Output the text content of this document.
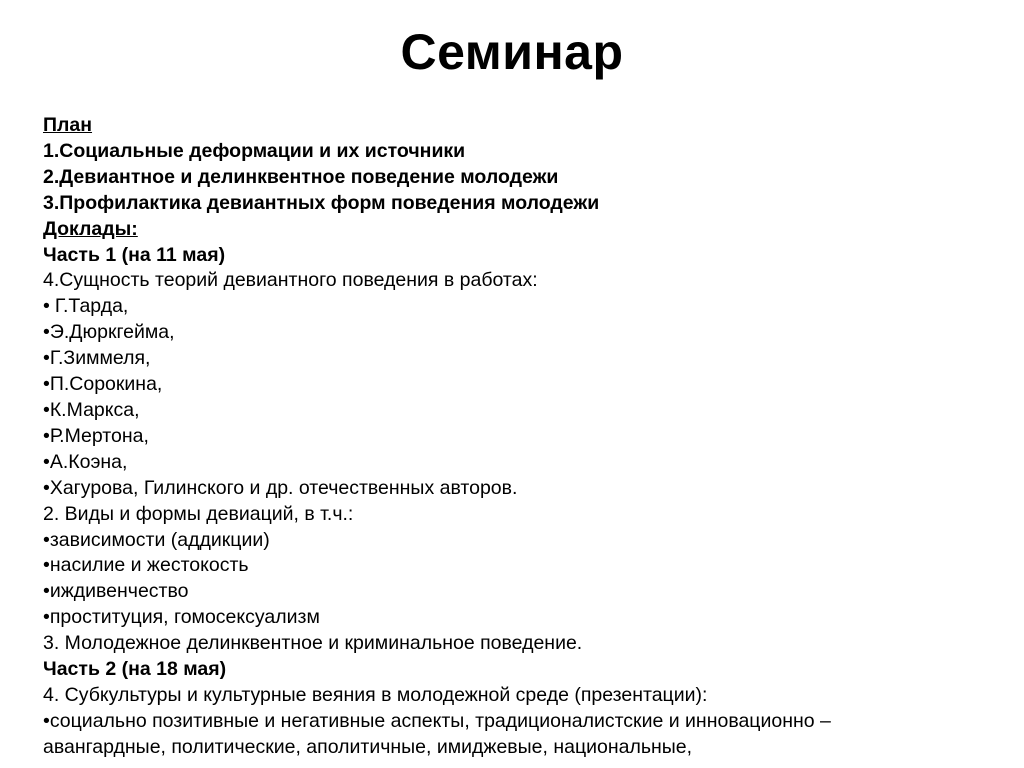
Семинар
План
1.Социальные деформации и их источники
2.Девиантное и делинквентное поведение молодежи
3.Профилактика девиантных форм поведения молодежи
Доклады:
Часть 1 (на 11 мая)
4.Сущность теорий девиантного поведения в работах:
• Г.Тарда,
•Э.Дюркгейма,
•Г.Зиммеля,
•П.Сорокина,
•К.Маркса,
•Р.Мертона,
•А.Коэна,
•Хагурова, Гилинского и др. отечественных авторов.
2. Виды и формы девиаций, в т.ч.:
•зависимости (аддикции)
•насилие и жестокость
•иждивенчество
•проституция, гомосексуализм
3. Молодежное делинквентное и криминальное поведение.
Часть 2 (на 18 мая)
4. Субкультуры и культурные веяния в молодежной среде (презентации):
•социально позитивные и негативные аспекты, традиционалистские и инновационно –
авангардные, политические, аполитичные, имиджевые, национальные,
